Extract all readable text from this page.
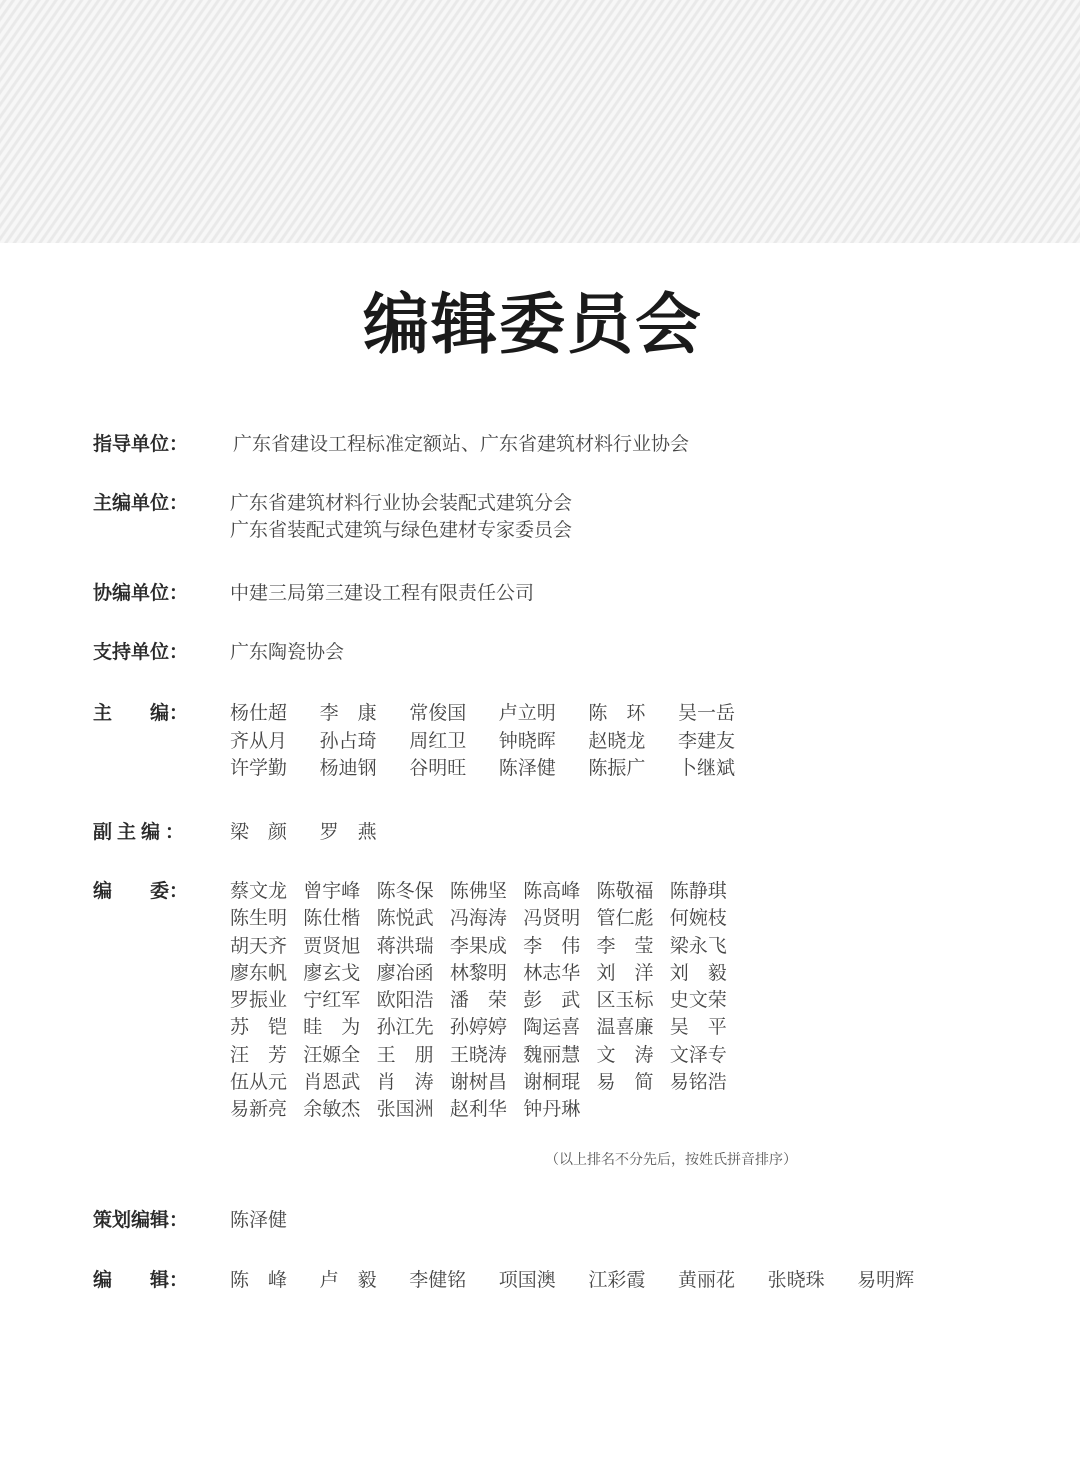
编辑委员会
指导单位：	广东省建设工程标准定额站、广东省建筑材料行业协会
主编单位：	广东省建筑材料行业协会装配式建筑分会
广东省装配式建筑与绿色建材专家委员会
协编单位：	中建三局第三建设工程有限责任公司
支持单位：	广东陶瓷协会
主　　编：	杨仕超	李　康	常俊国	卢立明	陈　环	吴一岳
齐从月	孙占琦	周红卫	钟晓晖	赵晓龙	李建友
许学勤	杨迪钢	谷明旺	陈泽健	陈振广	卜继斌
副主编：	梁　颜	罗　燕
编　　委：	蔡文龙 曾宇峰 陈冬保 陈佛坚 陈高峰 陈敬福 陈静琪
陈生明 陈仕楷 陈悦武 冯海涛 冯贤明 管仁彪 何婉枝
胡天齐 贾贤旭 蒋洪瑞 李果成 李　伟 李　莹 梁永飞
廖东帆 廖玄戈 廖冶函 林黎明 林志华 刘　洋 刘　毅
罗振业 宁红军 欧阳浩 潘　荣 彭　武 区玉标 史文荣
苏　铠 眭　为 孙江先 孙婷婷 陶运喜 温喜廉 吴　平
汪　芳 汪嫄全 王　朋 王晓涛 魏丽慧 文　涛 文泽专
伍从元 肖恩武 肖　涛 谢树昌 谢桐琨 易　简 易铭浩
易新亮 余敏杰 张国洲 赵利华 钟丹琳
（以上排名不分先后，按姓氏拼音排序）
策划编辑：	陈泽健
编　　辑：	陈　峰	卢　毅	李健铭	项国澳	江彩霞	黄丽花	张晓珠	易明辉
